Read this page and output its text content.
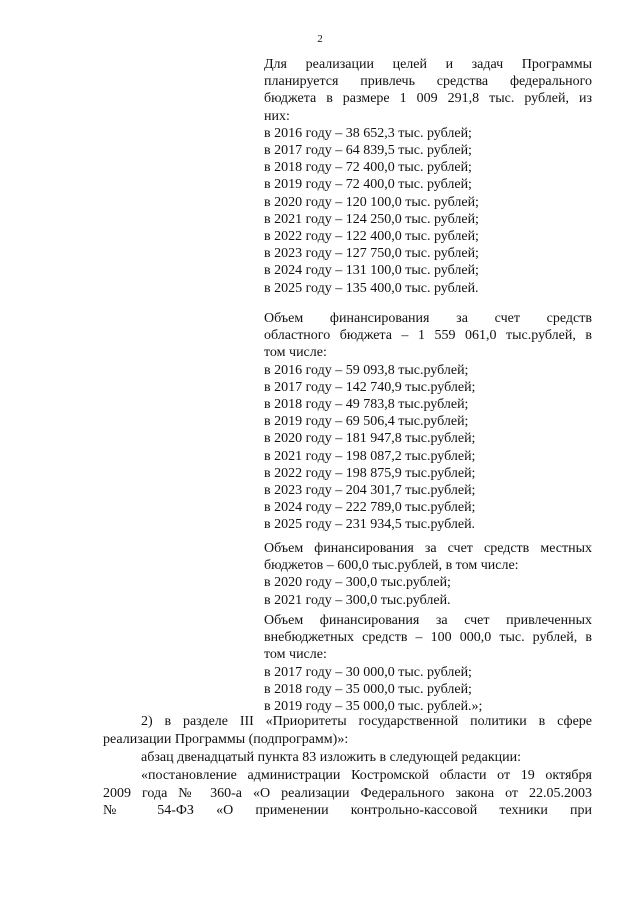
2

Для реализации целей и задач Программы

планируется привлечь средства федерального

бюджета в размере 1 009 291,8 тыс. рублей, из

них:

в 2016 году – 38 652,3 тыс. рублей;
в 2017 году – 64 839,5 тыс. рублей;
в 2018 году – 72 400,0 тыс. рублей;
в 2019 году – 72 400,0 тыс. рублей;
в 2020 году – 120 100,0 тыс. рублей;
в 2021 году – 124 250,0 тыс. рублей;
в 2022 году – 122 400,0 тыс. рублей;
в 2023 году – 127 750,0 тыс. рублей;
в 2024 году – 131 100,0 тыс. рублей;
в 2025 году – 135 400,0 тыс. рублей.

Объем финансирования за счет средств

областного бюджета – 1 559 061,0 тыс.рублей, в

том числе:

в 2016 году – 59 093,8 тыс.рублей;
в 2017 году – 142 740,9 тыс.рублей;
в 2018 году – 49 783,8 тыс.рублей;
в 2019 году – 69 506,4 тыс.рублей;
в 2020 году – 181 947,8 тыс.рублей;
в 2021 году – 198 087,2 тыс.рублей;
в 2022 году – 198 875,9 тыс.рублей;
в 2023 году – 204 301,7 тыс.рублей;
в 2024 году – 222 789,0 тыс.рублей;
в 2025 году – 231 934,5 тыс.рублей.

Объем финансирования за счет средств местных

бюджетов – 600,0 тыс.рублей, в том числе:

в 2020 году – 300,0 тыс.рублей;
в 2021 году – 300,0 тыс.рублей.

Объем финансирования за счет привлеченных

внебюджетных средств – 100 000,0 тыс. рублей, в

том числе:

в 2017 году – 30 000,0 тыс. рублей;
в 2018 году – 35 000,0 тыс. рублей;
в 2019 году – 35 000,0 тыс. рублей.»;

2) в разделе III «Приоритеты государственной политики в сфере

реализации Программы (подпрограмм)»:

абзац двенадцатый пункта 83 изложить в следующей редакции:

«постановление администрации Костромской области от 19 октября

2009 года № 360-а «О реализации Федерального закона от 22.05.2003

№ 54-ФЗ «О применении контрольно-кассовой техники при
